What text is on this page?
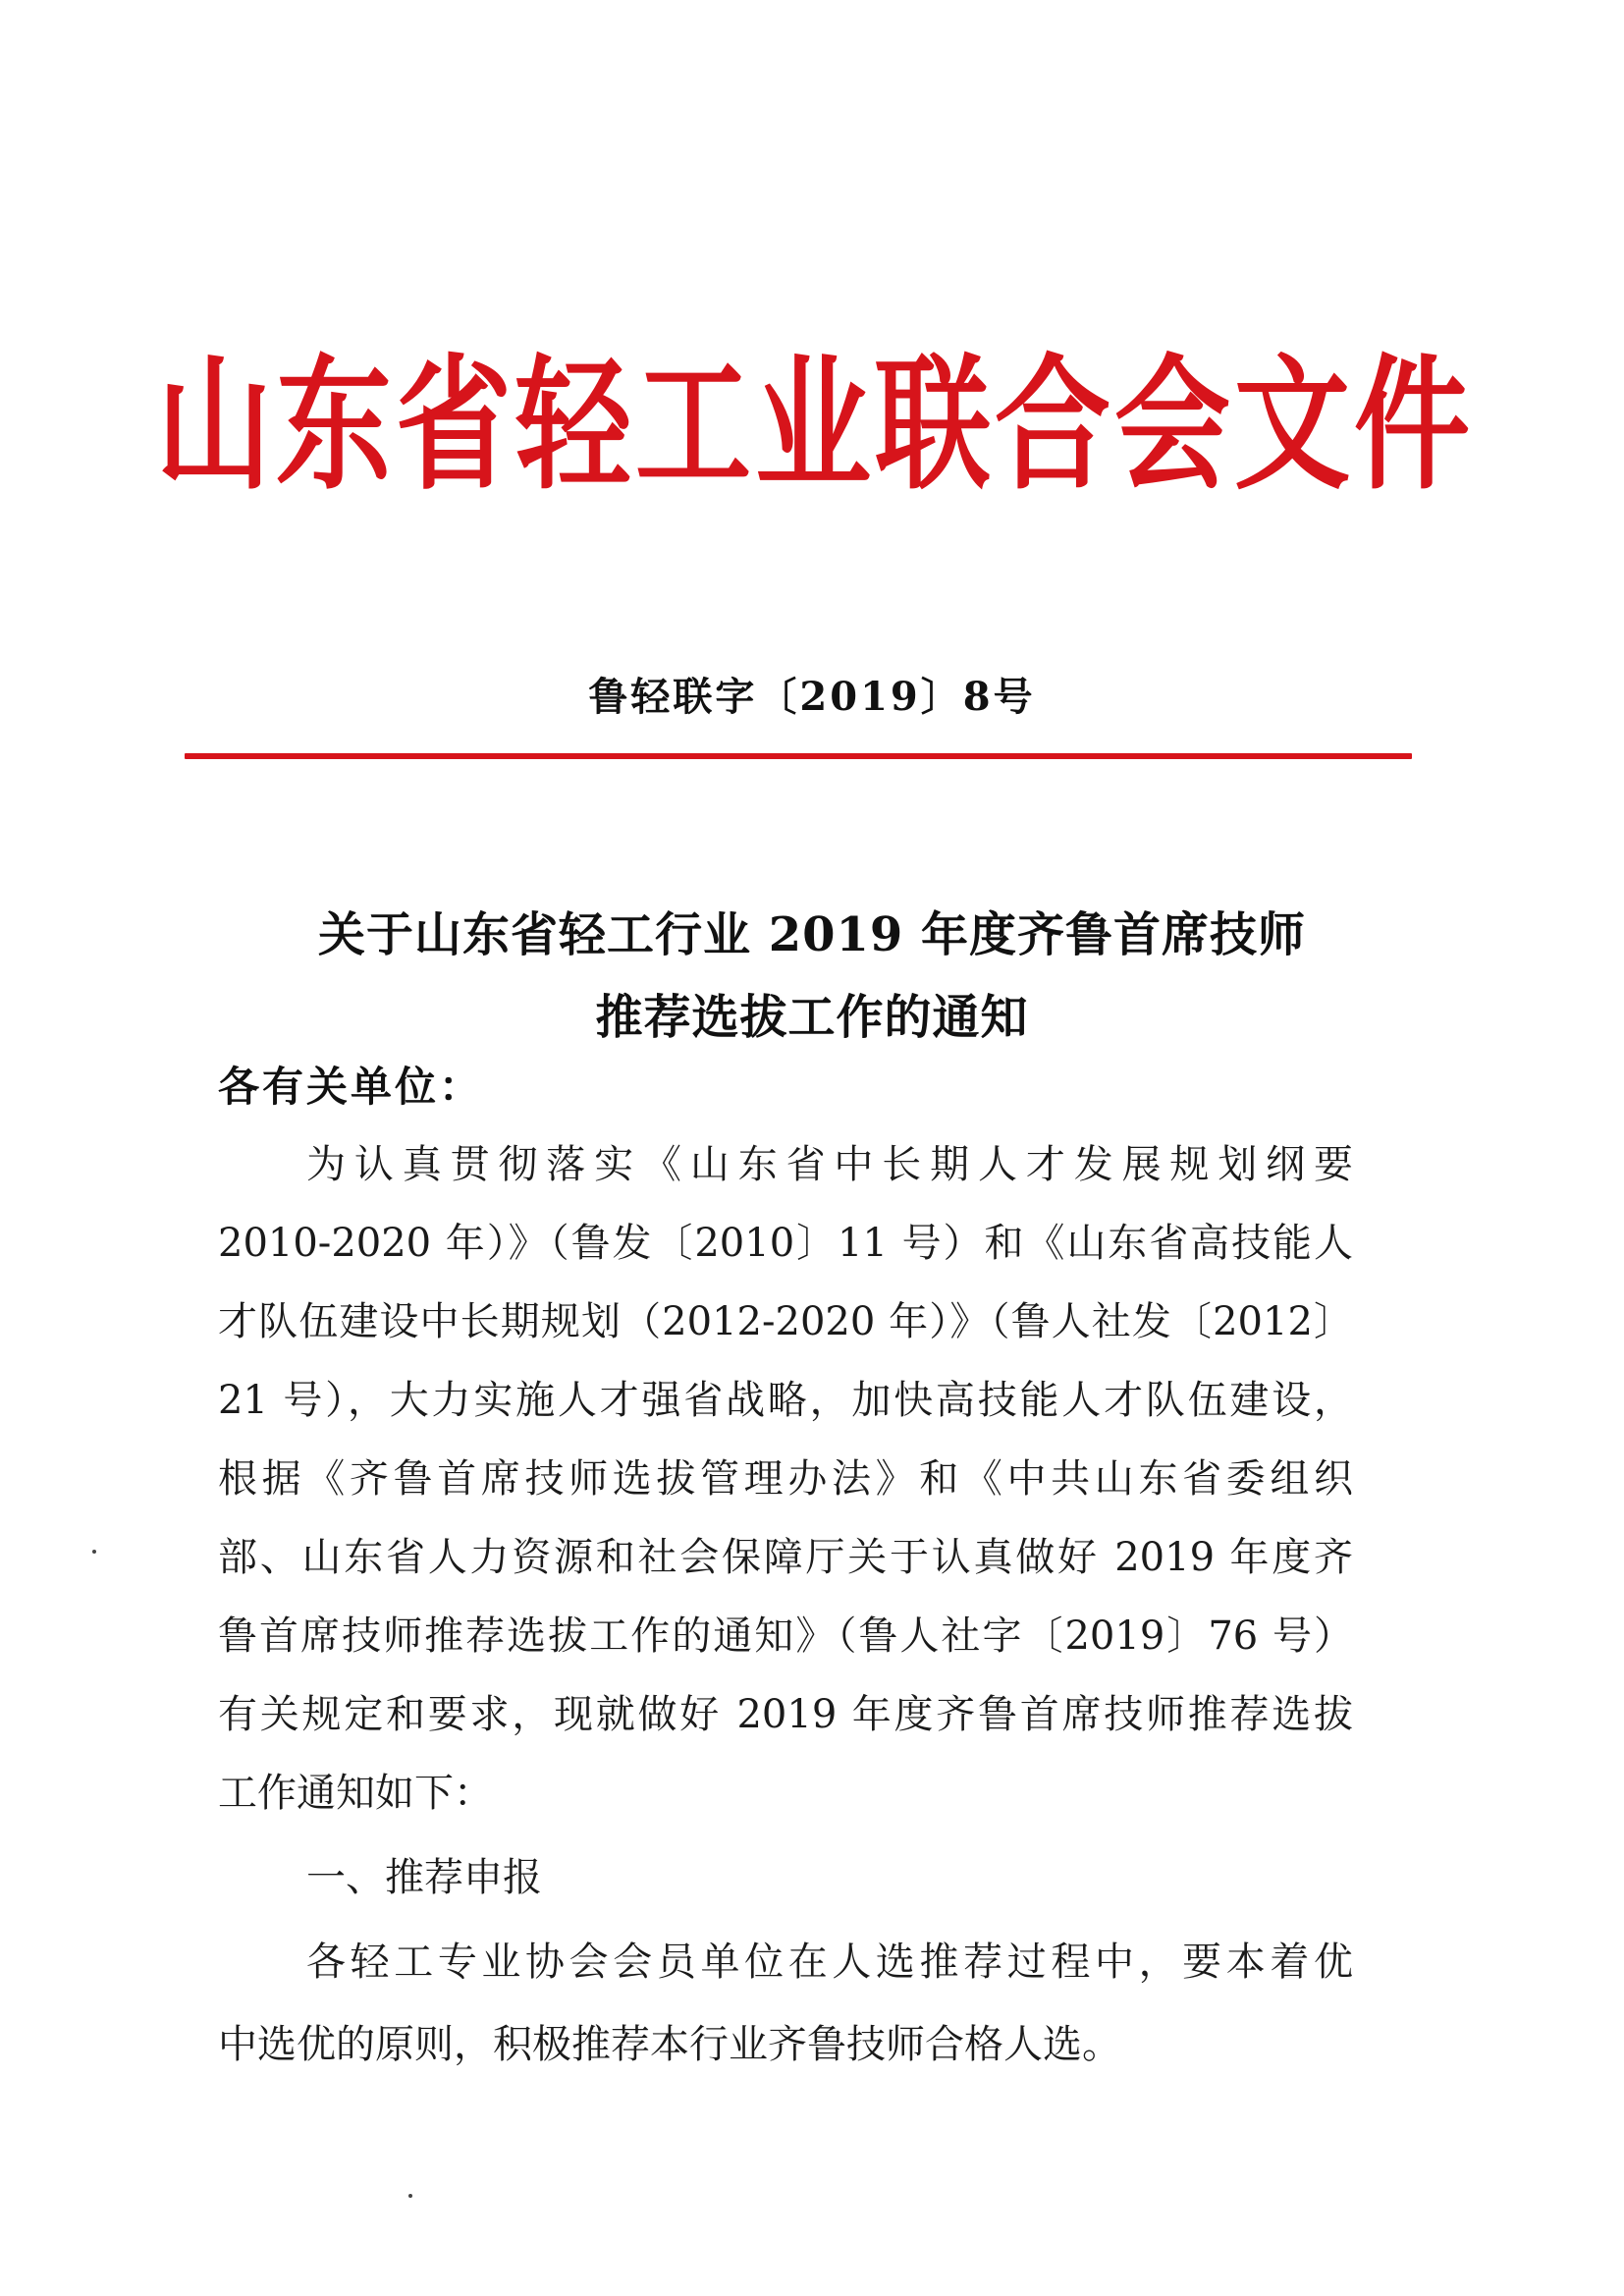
山东省轻工业联合会文件
鲁轻联字〔2019〕8号
关于山东省轻工行业 2019 年度齐鲁首席技师
推荐选拔工作的通知
各有关单位：
为认真贯彻落实《山东省中长期人才发展规划纲要
2010-2020 年）》（鲁发〔2010〕11 号）和《山东省高技能人
才队伍建设中长期规划（2012-2020 年）》（鲁人社发〔2012〕
21 号），大力实施人才强省战略，加快高技能人才队伍建设，
根据《齐鲁首席技师选拔管理办法》和《中共山东省委组织
部、山东省人力资源和社会保障厅关于认真做好 2019 年度齐
鲁首席技师推荐选拔工作的通知》（鲁人社字〔2019〕76 号）
有关规定和要求，现就做好 2019 年度齐鲁首席技师推荐选拔
工作通知如下：
一、推荐申报
各轻工专业协会会员单位在人选推荐过程中，要本着优
中选优的原则，积极推荐本行业齐鲁技师合格人选。
